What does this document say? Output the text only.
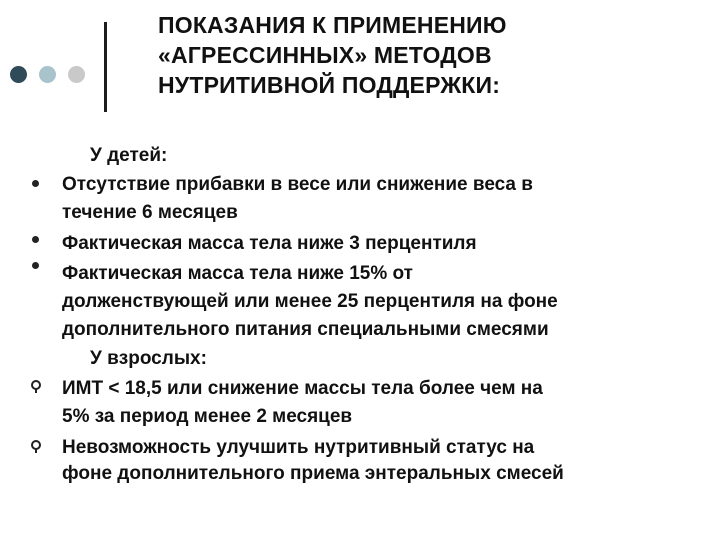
ПОКАЗАНИЯ К ПРИМЕНЕНИЮ
«АГРЕССИННЫХ» МЕТОДОВ
НУТРИТИВНОЙ ПОДДЕРЖКИ:
У детей:
Отсутствие прибавки в весе или снижение веса в
течение 6 месяцев
Фактическая масса тела ниже 3 перцентиля
Фактическая масса тела ниже 15% от
долженствующей или менее 25 перцентиля на фоне
дополнительного питания специальными смесями
У взрослых:
ИМТ < 18,5 или снижение массы тела более чем на
5% за период менее 2 месяцев
Невозможность улучшить нутритивный статус на
фоне дополнительного приема энтеральных смесей
